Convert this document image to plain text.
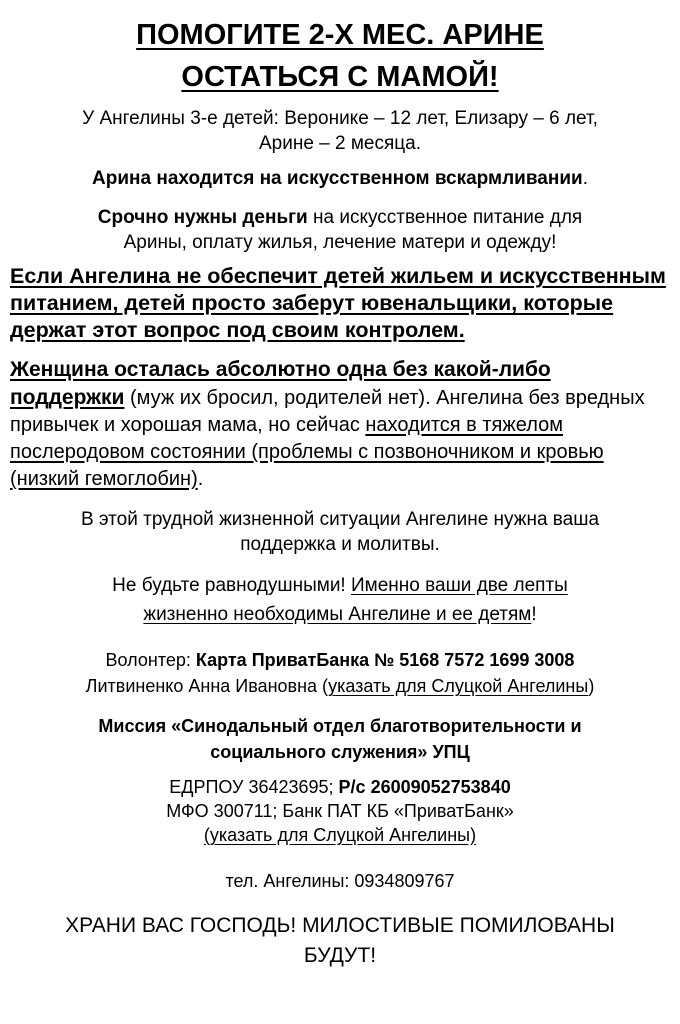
ПОМОГИТЕ 2-Х МЕС. АРИНЕ
ОСТАТЬСЯ С МАМОЙ!

У Ангелины 3-е детей: Веронике – 12 лет, Елизару – 6 лет,
Арине – 2 месяца.

Арина находится на искусственном вскармливании.

Срочно нужны деньги на искусственное питание для
Арины, оплату жилья, лечение матери и одежду!

Если Ангелина не обеспечит детей жильем и искусственным питанием, детей просто заберут ювенальщики, которые держат этот вопрос под своим контролем.

Женщина осталась абсолютно одна без какой-либо поддержки (муж их бросил, родителей нет). Ангелина без вредных привычек и хорошая мама, но сейчас находится в тяжелом послеродовом состоянии (проблемы с позвоночником и кровью (низкий гемоглобин).

В этой трудной жизненной ситуации Ангелине нужна ваша
поддержка и молитвы.

Не будьте равнодушными! Именно ваши две лепты
жизненно необходимы Ангелине и ее детям!

Волонтер: Карта ПриватБанка № 5168 7572 1699 3008
Литвиненко Анна Ивановна (указать для Слуцкой Ангелины)

Миссия «Синодальный отдел благотворительности и
социального служения» УПЦ

ЕДРПОУ 36423695; Р/с 26009052753840
МФО 300711; Банк ПАТ КБ «ПриватБанк»
(указать для Слуцкой Ангелины)

тел. Ангелины: 0934809767

ХРАНИ ВАС ГОСПОДЬ! МИЛОСТИВЫЕ ПОМИЛОВАНЫ
БУДУТ!
